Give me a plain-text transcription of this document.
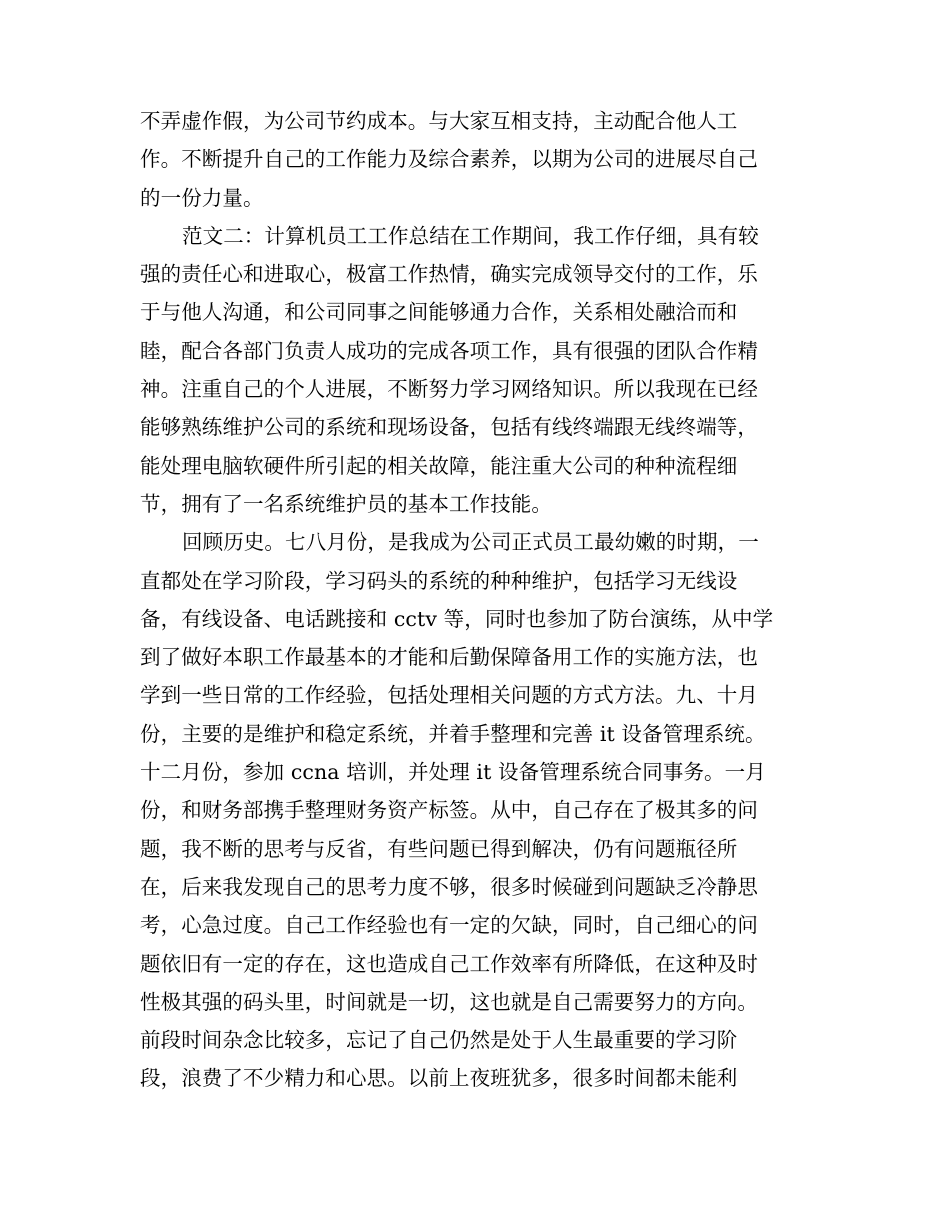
不弄虚作假，为公司节约成本。与大家互相支持，主动配合他人工
作。不断提升自己的工作能力及综合素养，以期为公司的进展尽自己
的一份力量。
范文二：计算机员工工作总结在工作期间，我工作仔细，具有较
强的责任心和进取心，极富工作热情，确实完成领导交付的工作，乐
于与他人沟通，和公司同事之间能够通力合作，关系相处融洽而和
睦，配合各部门负责人成功的完成各项工作，具有很强的团队合作精
神。注重自己的个人进展，不断努力学习网络知识。所以我现在已经
能够熟练维护公司的系统和现场设备，包括有线终端跟无线终端等，
能处理电脑软硬件所引起的相关故障，能注重大公司的种种流程细
节，拥有了一名系统维护员的基本工作技能。
回顾历史。七八月份，是我成为公司正式员工最幼嫩的时期，一
直都处在学习阶段，学习码头的系统的种种维护，包括学习无线设
备，有线设备、电话跳接和 cctv 等，同时也参加了防台演练，从中学
到了做好本职工作最基本的才能和后勤保障备用工作的实施方法，也
学到一些日常的工作经验，包括处理相关问题的方式方法。九、十月
份，主要的是维护和稳定系统，并着手整理和完善 it 设备管理系统。
十二月份，参加 ccna 培训，并处理 it 设备管理系统合同事务。一月
份，和财务部携手整理财务资产标签。从中，自己存在了极其多的问
题，我不断的思考与反省，有些问题已得到解决，仍有问题瓶径所
在，后来我发现自己的思考力度不够，很多时候碰到问题缺乏冷静思
考，心急过度。自己工作经验也有一定的欠缺，同时，自己细心的问
题依旧有一定的存在，这也造成自己工作效率有所降低，在这种及时
性极其强的码头里，时间就是一切，这也就是自己需要努力的方向。
前段时间杂念比较多，忘记了自己仍然是处于人生最重要的学习阶
段，浪费了不少精力和心思。以前上夜班犹多，很多时间都未能利
